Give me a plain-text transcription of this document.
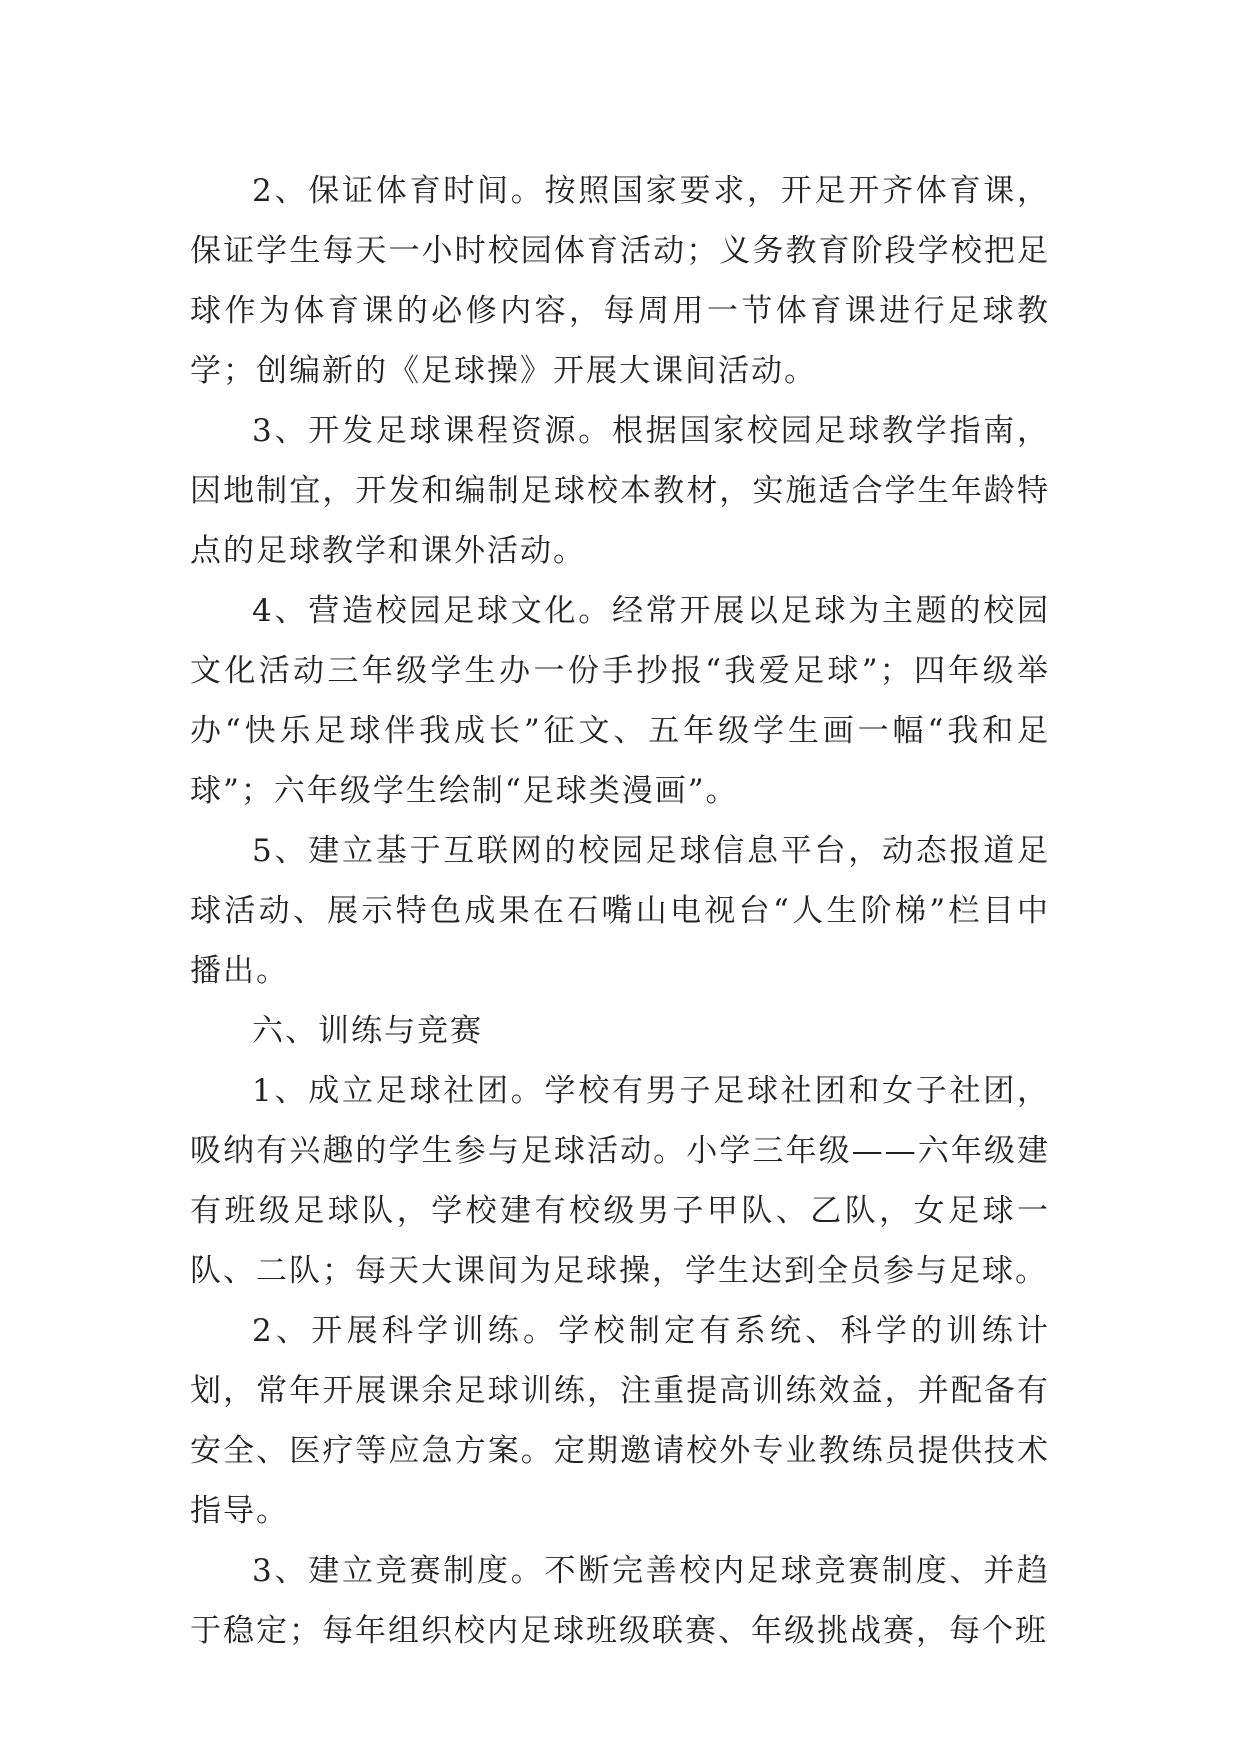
2、保证体育时间。按照国家要求，开足开齐体育课，保证学生每天一小时校园体育活动；义务教育阶段学校把足球作为体育课的必修内容，每周用一节体育课进行足球教学；创编新的《足球操》开展大课间活动。

3、开发足球课程资源。根据国家校园足球教学指南，因地制宜，开发和编制足球校本教材，实施适合学生年龄特点的足球教学和课外活动。

4、营造校园足球文化。经常开展以足球为主题的校园文化活动三年级学生办一份手抄报“我爱足球”；四年级举办“快乐足球伴我成长”征文、五年级学生画一幅“我和足球”；六年级学生绘制“足球类漫画”。

5、建立基于互联网的校园足球信息平台，动态报道足球活动、展示特色成果在石嘴山电视台“人生阶梯”栏目中播出。

六、训练与竞赛

1、成立足球社团。学校有男子足球社团和女子社团，吸纳有兴趣的学生参与足球活动。小学三年级——六年级建有班级足球队，学校建有校级男子甲队、乙队，女足球一队、二队；每天大课间为足球操，学生达到全员参与足球。

2、开展科学训练。学校制定有系统、科学的训练计划，常年开展课余足球训练，注重提高训练效益，并配备有安全、医疗等应急方案。定期邀请校外专业教练员提供技术指导。

3、建立竞赛制度。不断完善校内足球竞赛制度、并趋于稳定；每年组织校内足球班级联赛、年级挑战赛，每个班
